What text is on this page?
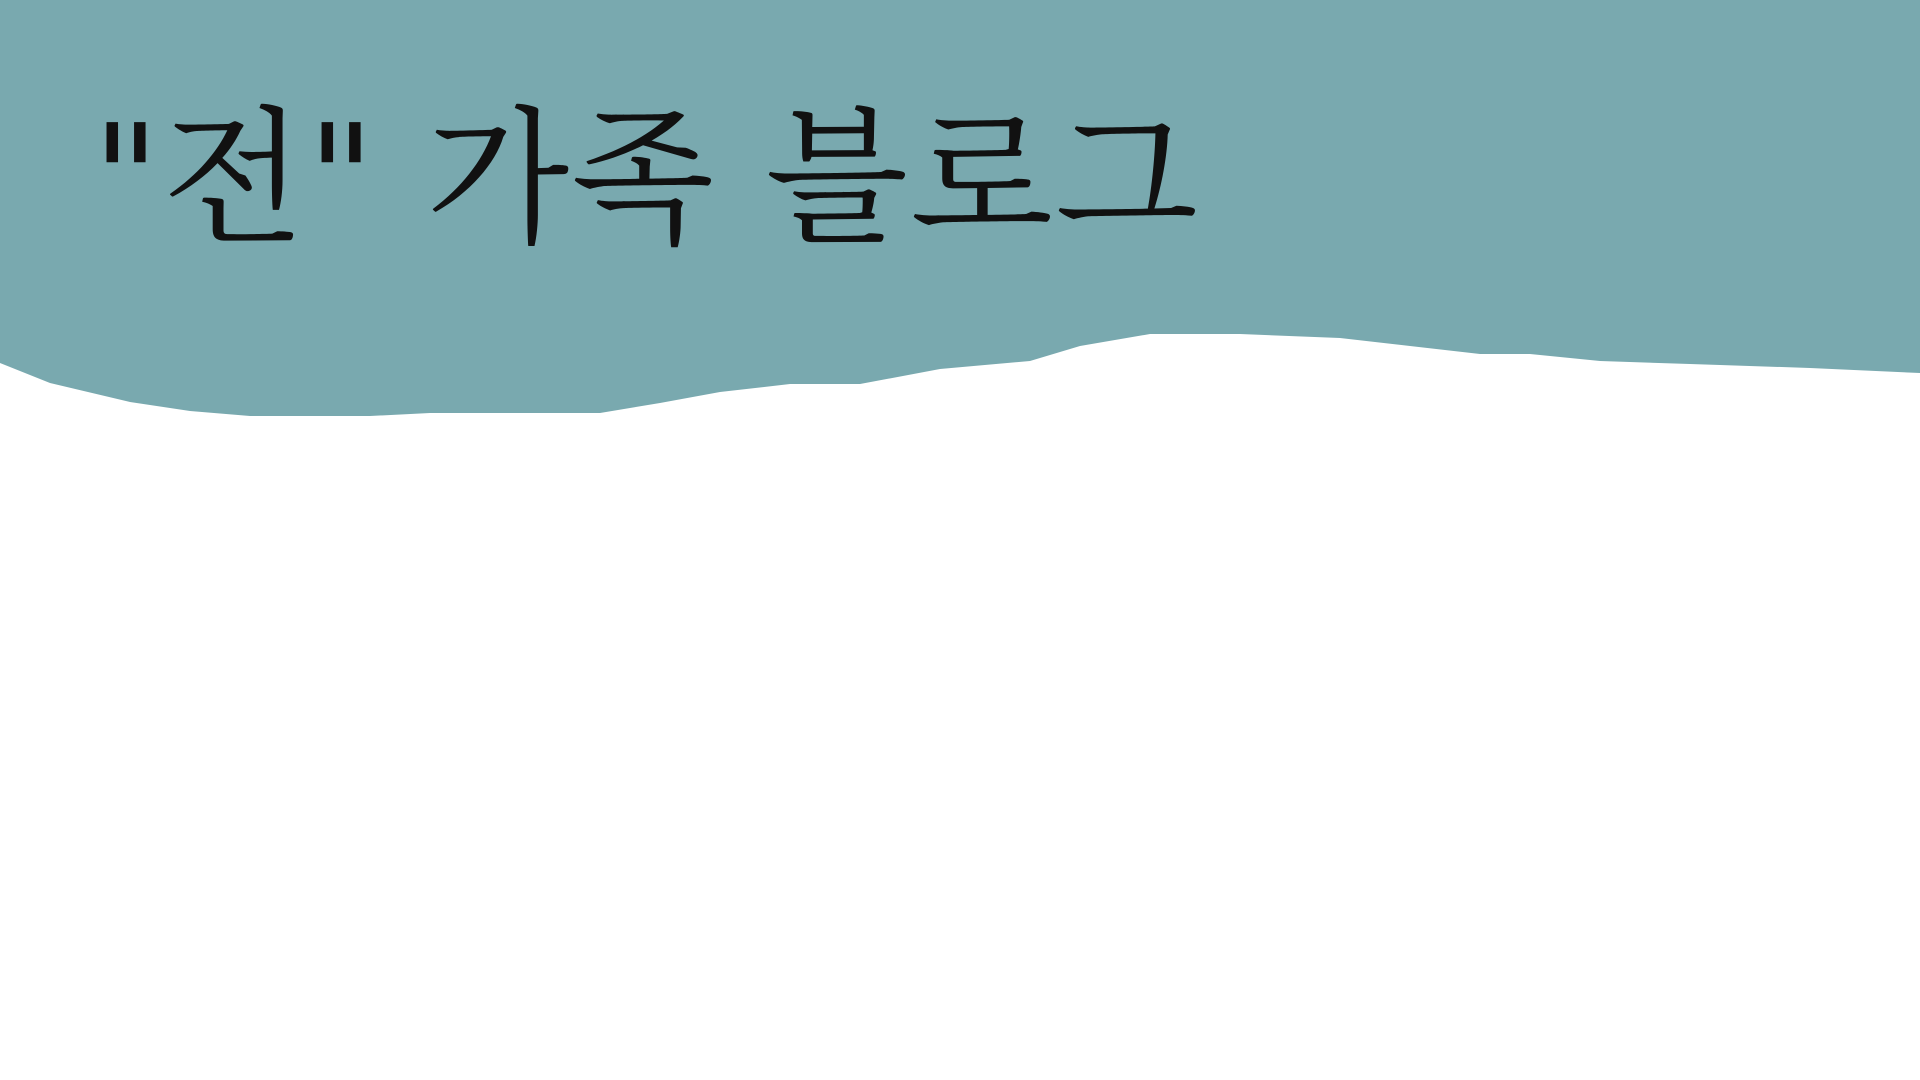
"전" 가족 블로그
